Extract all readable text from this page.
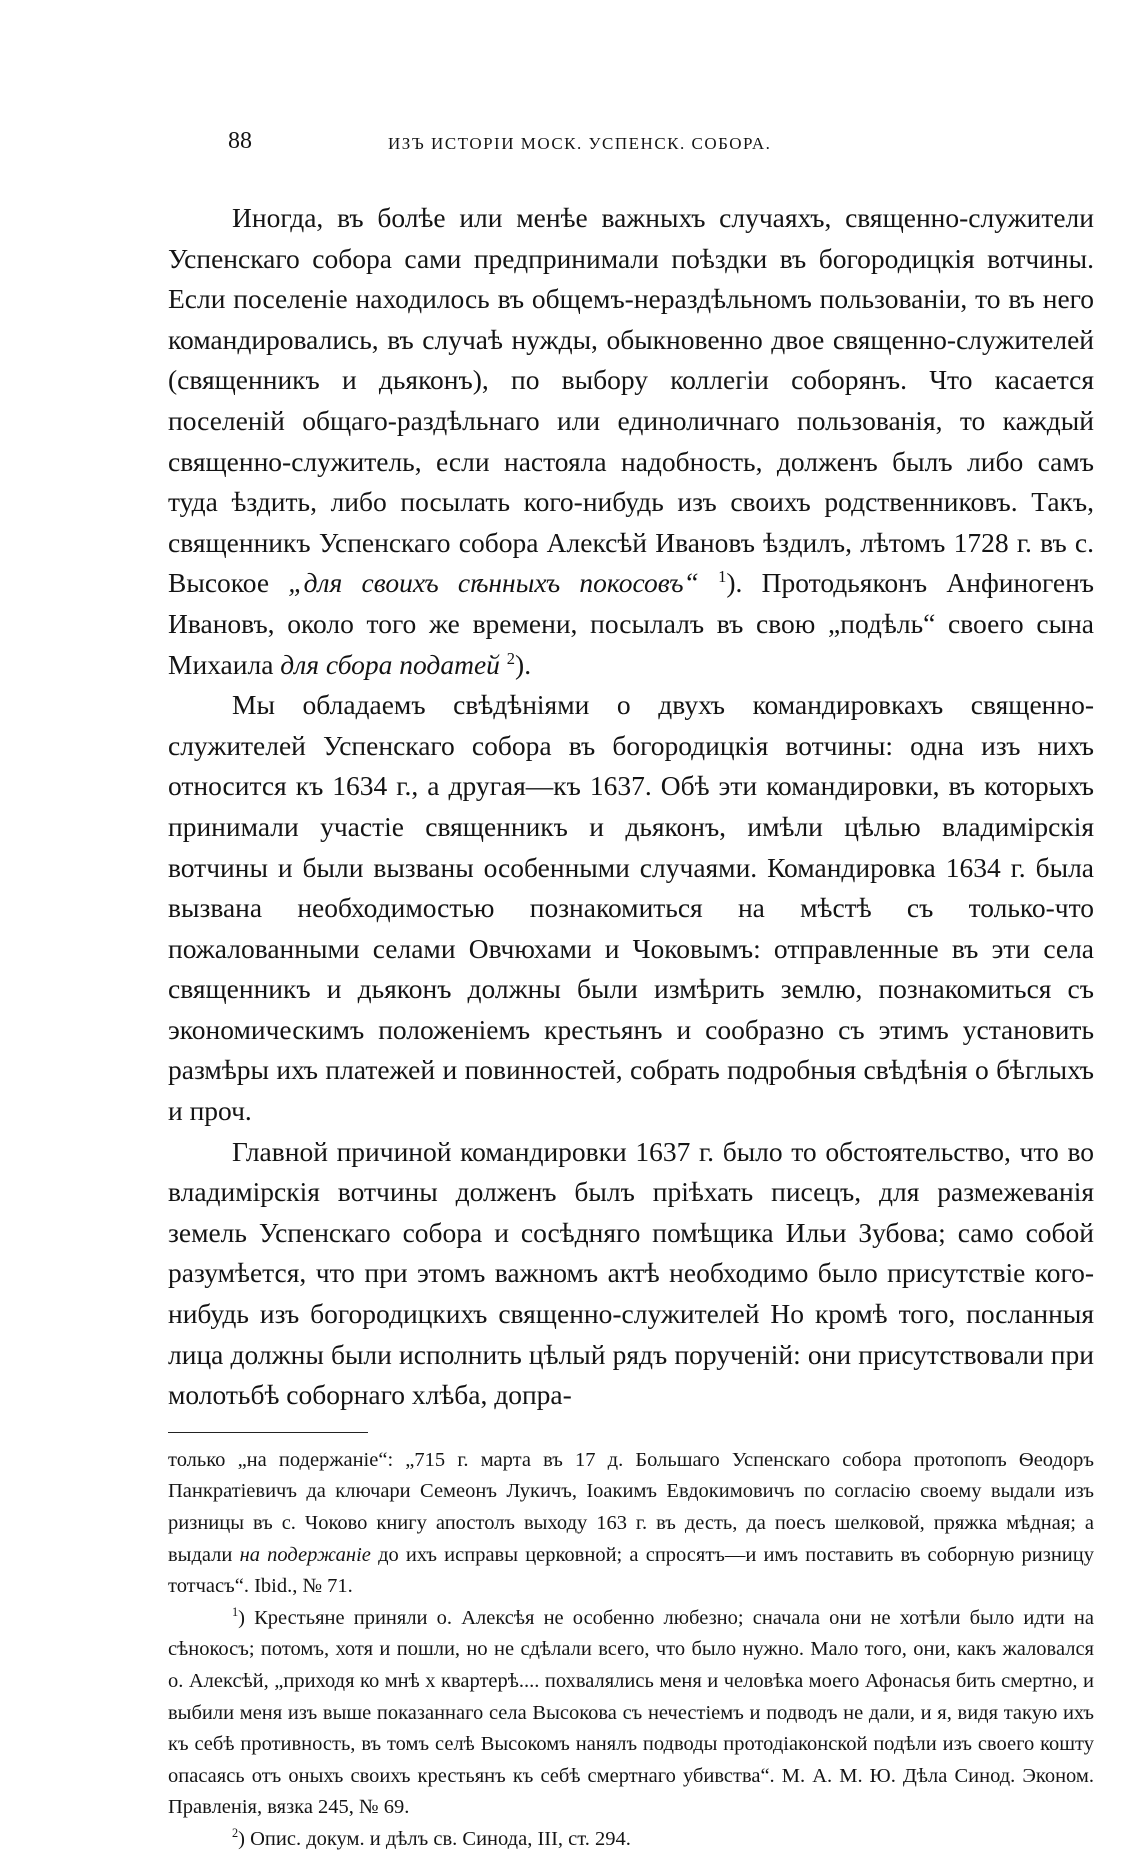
88	ИЗЪ ИСТОРІИ МОСК. УСПЕНСК. СОБОРА.

Иногда, въ болѣе или менѣе важныхъ случаяхъ, священно-служители Успенскаго собора сами предпринимали поѣздки въ богородицкія вотчины. Если поселеніе находилось въ общемъ-нераздѣльномъ пользованіи, то въ него командировались, въ случаѣ нужды, обыкновенно двое священно-служителей (священникъ и дьяконъ), по выбору коллегіи соборянъ. Что касается поселеній общаго-раздѣльнаго или единоличнаго пользованія, то каждый священно-служитель, если настояла надобность, долженъ былъ либо самъ туда ѣздить, либо посылать кого-нибудь изъ своихъ родственниковъ. Такъ, священникъ Успенскаго собора Алексѣй Ивановъ ѣздилъ, лѣтомъ 1728 г. въ с. Высокое „для своихъ сѣнныхъ покосовъ“ $^1$). Протодьяконъ Анфиногенъ Ивановъ, около того же времени, посылалъ въ свою „подѣль“ своего сына Михаила для сбора податей $^2$).

Мы обладаемъ свѣдѣніями о двухъ командировкахъ священно-служителей Успенскаго собора въ богородицкія вотчины: одна изъ нихъ относится къ 1634 г., а другая—къ 1637. Обѣ эти командировки, въ которыхъ принимали участіе священникъ и дьяконъ, имѣли цѣлью владимірскія вотчины и были вызваны особенными случаями. Командировка 1634 г. была вызвана необходимостью познакомиться на мѣстѣ съ только-что пожалованными селами Овчюхами и Чоковымъ: отправленные въ эти села священникъ и дьяконъ должны были измѣрить землю, познакомиться съ экономическимъ положеніемъ крестьянъ и сообразно съ этимъ установить размѣры ихъ платежей и повинностей, собрать подробныя свѣдѣнія о бѣглыхъ и проч.

Главной причиной командировки 1637 г. было то обстоятельство, что во владимірскія вотчины долженъ былъ пріѣхать писецъ, для размежеванія земель Успенскаго собора и сосѣдняго помѣщика Ильи Зубова; само собой разумѣется, что при этомъ важномъ актѣ необходимо было присутствіе кого-нибудь изъ богородицкихъ священно-служителей Но кромѣ того, посланныя лица должны были исполнить цѣлый рядъ порученій: они присутствовали при молотьбѣ соборнаго хлѣба, допра-

только „на подержаніе“: „715 г. марта въ 17 д. Большаго Успенскаго собора протопопъ Ѳеодоръ Панкратіевичъ да ключари Семеонъ Лукичъ, Іоакимъ Евдокимовичъ по согласію своему выдали изъ ризницы въ с. Чоково книгу апостолъ выходу 163 г. въ десть, да поесъ шелковой, пряжка мѣдная; а выдали на подержаніе до ихъ исправы церковной; а спросятъ—и имъ поставить въ соборную ризницу тотчасъ“. Ibid., № 71.

$^1$) Крестьяне приняли о. Алексѣя не особенно любезно; сначала они не хотѣли было идти на сѣнокосъ; потомъ, хотя и пошли, но не сдѣлали всего, что было нужно. Мало того, они, какъ жаловался о. Алексѣй, „приходя ко мнѣ х квартерѣ.... похвалялись меня и человѣка моего Афонасья бить смертно, и выбили меня изъ выше показаннаго села Высокова съ нечестіемъ и подводъ не дали, и я, видя такую ихъ къ себѣ противность, въ томъ селѣ Высокомъ нанялъ подводы протодіаконской подѣли изъ своего кошту опасаясь отъ оныхъ своихъ крестьянъ къ себѣ смертнаго убивства“. М. А. М. Ю. Дѣла Синод. Эконом. Правленія, вязка 245, № 69.

$^2$) Опис. докум. и дѣлъ св. Синода, III, ст. 294.
